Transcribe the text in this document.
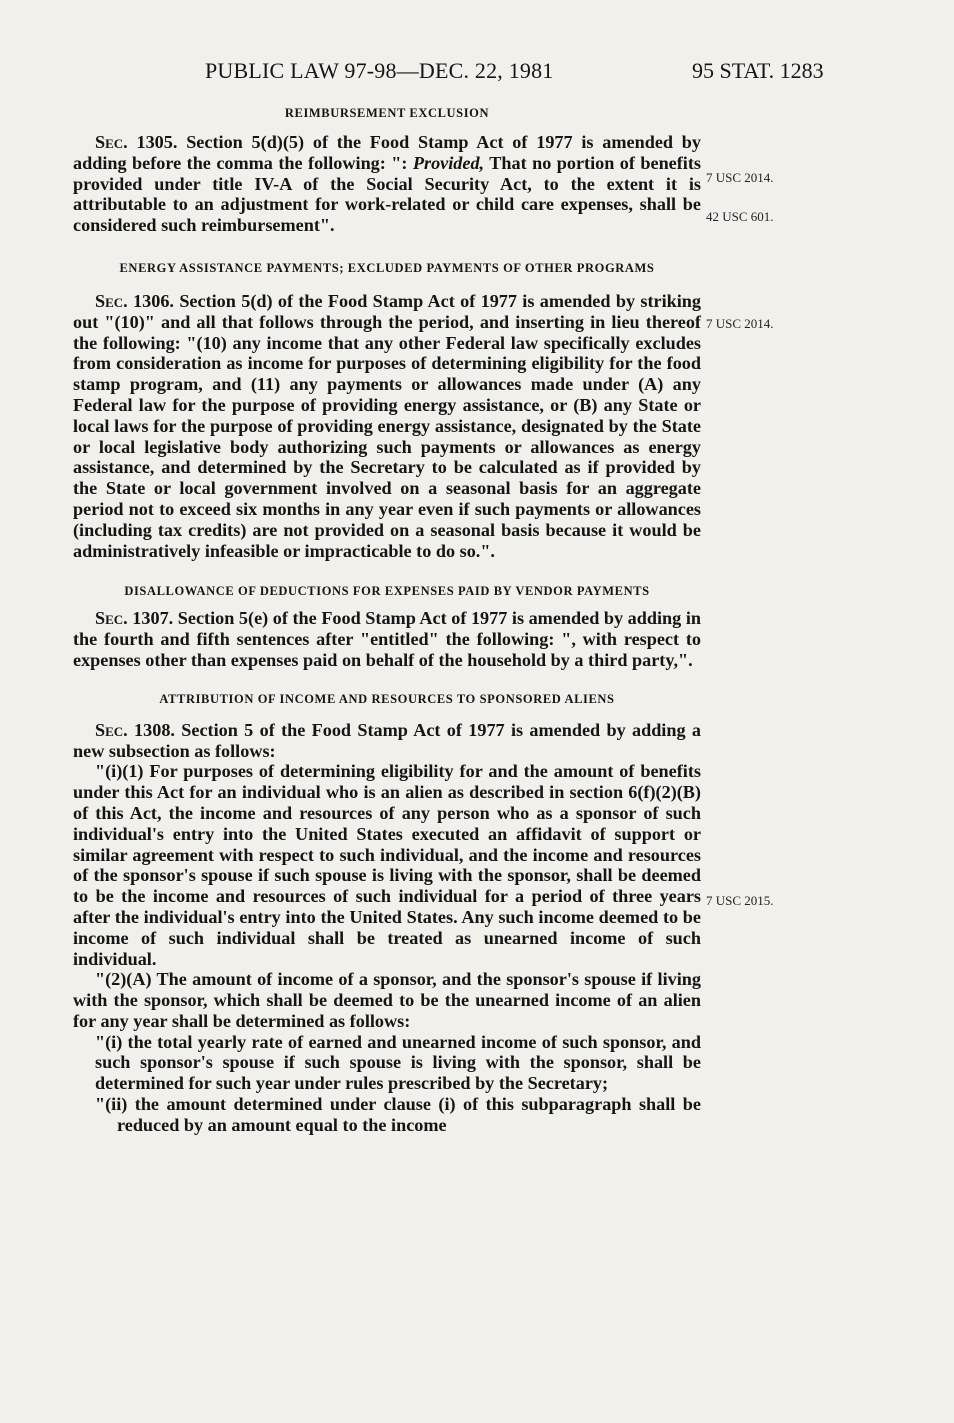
PUBLIC LAW 97-98—DEC. 22, 1981	95 STAT. 1283
7 USC 2014.
42 USC 601.
7 USC 2014.
7 USC 2015.
REIMBURSEMENT EXCLUSION

Sec. 1305. Section 5(d)(5) of the Food Stamp Act of 1977 is amended by adding before the comma the following: ": Provided, That no portion of benefits provided under title IV-A of the Social Security Act, to the extent it is attributable to an adjustment for work-related or child care expenses, shall be considered such reimbursement".

ENERGY ASSISTANCE PAYMENTS; EXCLUDED PAYMENTS OF OTHER PROGRAMS

Sec. 1306. Section 5(d) of the Food Stamp Act of 1977 is amended by striking out "(10)" and all that follows through the period, and inserting in lieu thereof the following: "(10) any income that any other Federal law specifically excludes from consideration as income for purposes of determining eligibility for the food stamp program, and (11) any payments or allowances made under (A) any Federal law for the purpose of providing energy assistance, or (B) any State or local laws for the purpose of providing energy assistance, designated by the State or local legislative body authorizing such payments or allowances as energy assistance, and determined by the Secretary to be calculated as if provided by the State or local government involved on a seasonal basis for an aggregate period not to exceed six months in any year even if such payments or allowances (including tax credits) are not provided on a seasonal basis because it would be administratively infeasible or impracticable to do so.".

DISALLOWANCE OF DEDUCTIONS FOR EXPENSES PAID BY VENDOR PAYMENTS

Sec. 1307. Section 5(e) of the Food Stamp Act of 1977 is amended by adding in the fourth and fifth sentences after "entitled" the following: ", with respect to expenses other than expenses paid on behalf of the household by a third party,".

ATTRIBUTION OF INCOME AND RESOURCES TO SPONSORED ALIENS

Sec. 1308. Section 5 of the Food Stamp Act of 1977 is amended by adding a new subsection as follows:

"(i)(1) For purposes of determining eligibility for and the amount of benefits under this Act for an individual who is an alien as described in section 6(f)(2)(B) of this Act, the income and resources of any person who as a sponsor of such individual's entry into the United States executed an affidavit of support or similar agreement with respect to such individual, and the income and resources of the sponsor's spouse if such spouse is living with the sponsor, shall be deemed to be the income and resources of such individual for a period of three years after the individual's entry into the United States. Any such income deemed to be income of such individual shall be treated as unearned income of such individual.

"(2)(A) The amount of income of a sponsor, and the sponsor's spouse if living with the sponsor, which shall be deemed to be the unearned income of an alien for any year shall be determined as follows:

"(i) the total yearly rate of earned and unearned income of such sponsor, and such sponsor's spouse if such spouse is living with the sponsor, shall be determined for such year under rules prescribed by the Secretary;

"(ii) the amount determined under clause (i) of this subparagraph shall be reduced by an amount equal to the income
